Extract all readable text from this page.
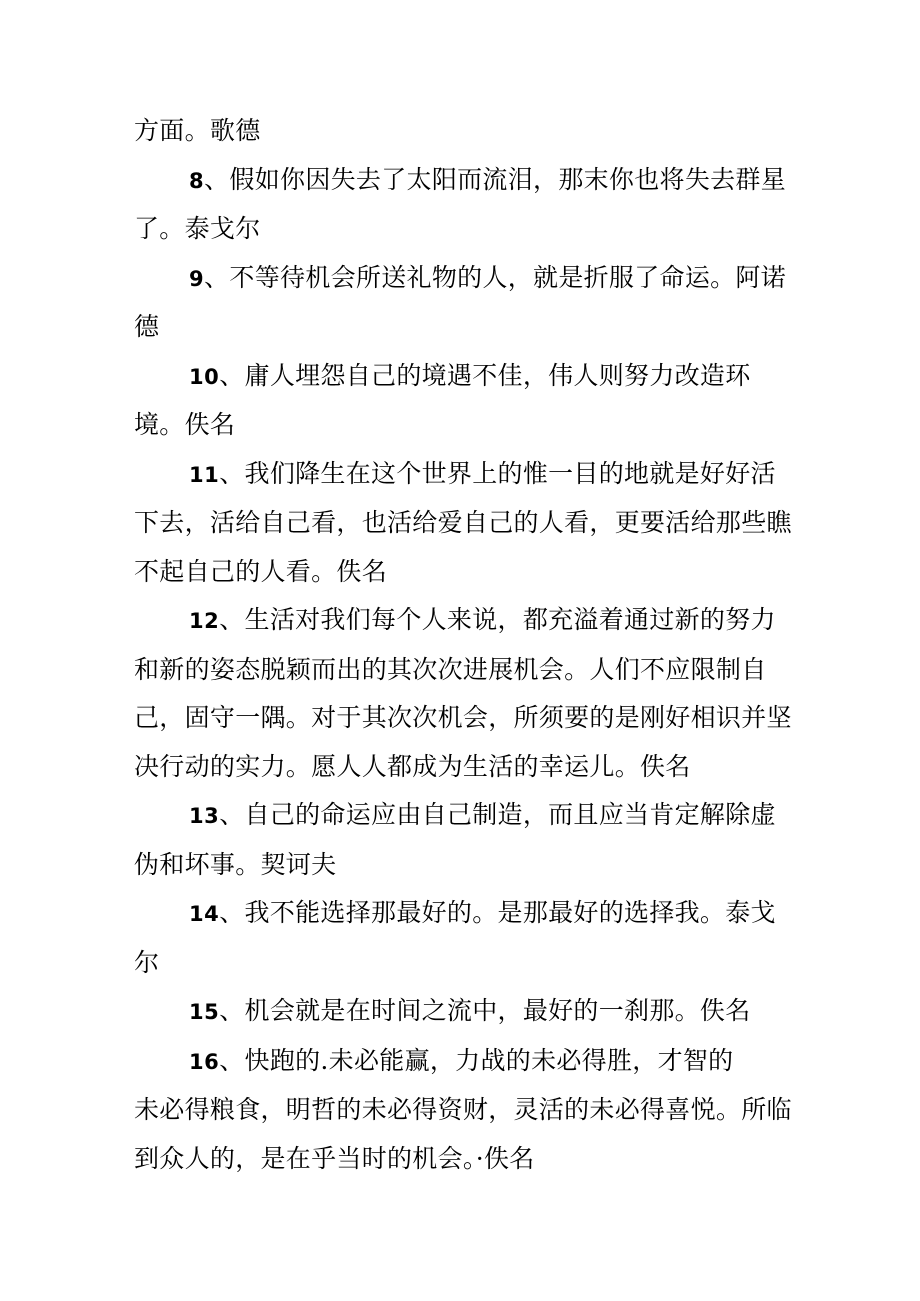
方面。歌德

8、假如你因失去了太阳而流泪，那末你也将失去群星了。泰戈尔

9、不等待机会所送礼物的人，就是折服了命运。阿诺德

10、庸人埋怨自己的境遇不佳，伟人则努力改造环境。佚名

11、我们降生在这个世界上的惟一目的地就是好好活下去，活给自己看，也活给爱自己的人看，更要活给那些瞧不起自己的人看。佚名

12、生活对我们每个人来说，都充溢着通过新的努力和新的姿态脱颖而出的其次次进展机会。人们不应限制自己，固守一隅。对于其次次机会，所须要的是刚好相识并坚决行动的实力。愿人人都成为生活的幸运儿。佚名

13、自己的命运应由自己制造，而且应当肯定解除虚伪和坏事。契诃夫

14、我不能选择那最好的。是那最好的选择我。泰戈尔

15、机会就是在时间之流中，最好的一刹那。佚名

16、快跑的.未必能赢，力战的未必得胜，才智的

未必得粮食，明哲的未必得资财，灵活的未必得喜悦。所临到众人的，是在乎当时的机会。·佚名
